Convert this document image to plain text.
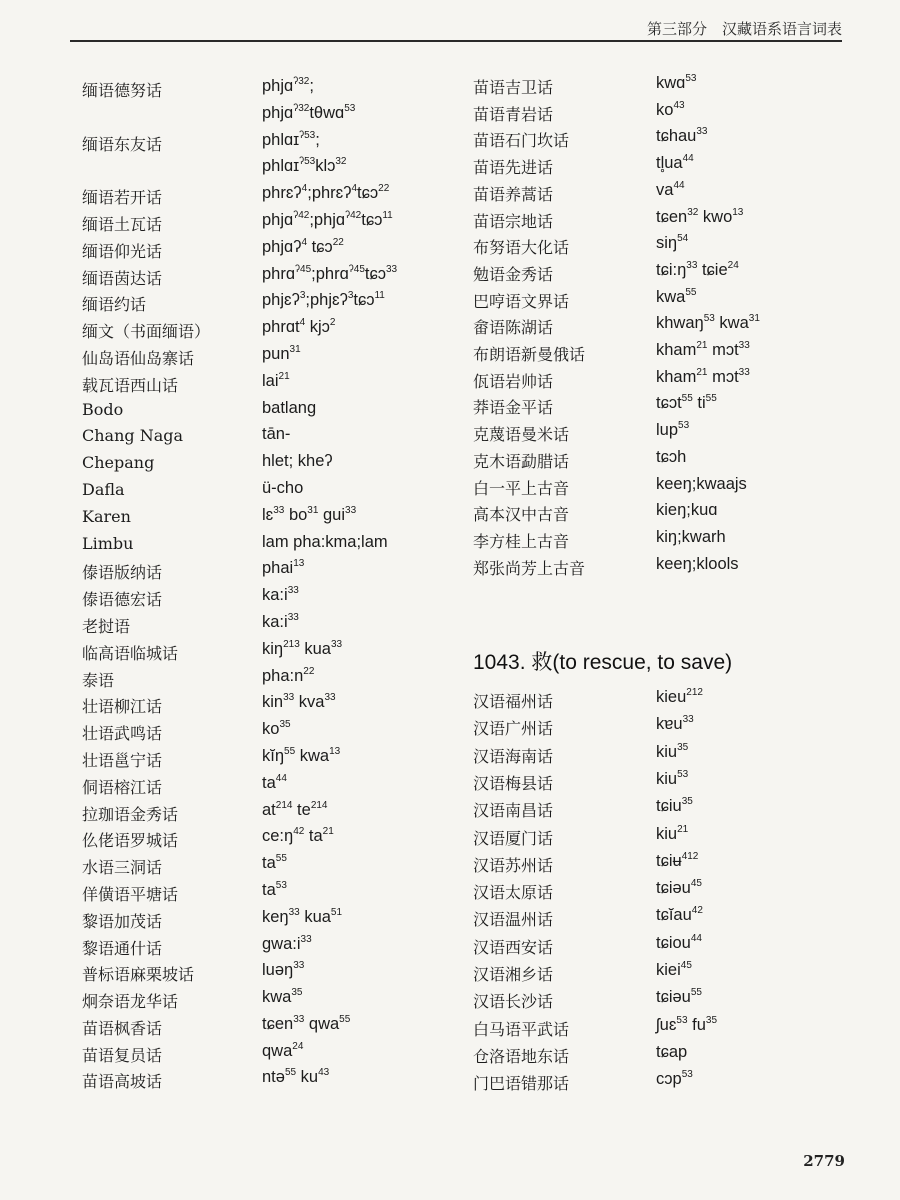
第三部分　汉藏语系语言词表
缅语德努话	phjɑ$^{ʔ32}$;
phjɑ$^{ʔ32}$tθwɑ$^{53}$
缅语东友话	phlɑɪ$^{ʔ53}$;
phlɑɪ$^{ʔ53}$klɔ$^{32}$
缅语若开话	phrɛʔ$^4$;phrɛʔ$^4$tɕɔ$^{22}$
缅语土瓦话	phjɑ$^{ʔ42}$;phjɑ$^{ʔ42}$tɕɔ$^{11}$
缅语仰光话	phjɑʔ$^4$ tɕɔ$^{22}$
缅语茵达话	phrɑ$^{ʔ45}$;phrɑ$^{ʔ45}$tɕɔ$^{33}$
缅语约话	phjɛʔ$^3$;phjɛʔ$^3$tɕɔ$^{11}$
缅文（书面缅语）	phrɑt$^4$ kjɔ$^2$
仙岛语仙岛寨话	pun$^{31}$
载瓦语西山话	lai$^{21}$
Bodo	batlang
Chang Naga	tān-
Chepang	hlet; kheʔ
Dafla	ü-cho
Karen	lɛ$^{33}$ $bo^{31}$ gui$^{33}$
Limbu	lam pha:kma;lam
傣语版纳话	phai$^{13}$
傣语德宏话	$ka:i^{33}$
老挝语	$ka:i^{33}$
临高语临城话	kiŋ$^{213}$ kua$^{33}$
泰语	$pha:n^{22}$
壮语柳江话	kin$^{33}$ kva$^{33}$
壮语武鸣话	$ko^{35}$
壮语邕宁话	kĭŋ$^{55}$ kwa$^{13}$
侗语榕江话	$ta^{44}$
拉珈语金秀话	$at^{214}$ $te^{214}$
仫佬语罗城话	$ce:ŋ^{42}$ $ta^{21}$
水语三洞话	$ta^{55}$
佯僙语平塘话	$ta^{53}$
黎语加茂话	keŋ$^{33}$ kua$^{51}$
黎语通什话	$gwa:i^{33}$
普标语麻栗坡话	luəŋ$^{33}$
炯奈语龙华话	kwa$^{35}$
苗语枫香话	tɕen$^{33}$ qwa$^{55}$
苗语复员话	qwa$^{24}$
苗语高坡话	ntə$^{55}$ $ku^{43}$
苗语吉卫话	kwɑ$^{53}$
苗语青岩话	$ko^{43}$
苗语石门坎话	tɕhau$^{33}$
苗语先进话	$tl̥ua^{44}$
苗语养蒿话	$va^{44}$
苗语宗地话	tɕen$^{32}$ kwo$^{13}$
布努语大化话	siŋ$^{54}$
勉语金秀话	$tɕi:ŋ^{33}$ tɕie$^{24}$
巴哼语文界话	kwa$^{55}$
畲语陈湖话	khwaŋ$^{53}$ kwa$^{31}$
布朗语新曼俄话	kham$^{21}$ mɔt$^{33}$
佤语岩帅话	kham$^{21}$ mɔt$^{33}$
莽语金平话	tɕɔt$^{55}$ $ti^{55}$
克蔑语曼米话	lup$^{53}$
克木语勐腊话	tɕɔh
白一平上古音	keeŋ;kwaajs
高本汉中古音	kieŋ;kuɑ
李方桂上古音	kiŋ;kwarh
郑张尚芳上古音	keeŋ;klools
汉语福州话	kieu$^{212}$
汉语广州话	kɐu$^{33}$
汉语海南话	kiu$^{35}$
汉语梅县话	kiu$^{53}$
汉语南昌话	tɕiu$^{35}$
汉语厦门话	kiu$^{21}$
汉语苏州话	tɕiʉ$^{412}$
汉语太原话	tɕiəu$^{45}$
汉语温州话	tɕĭau$^{42}$
汉语西安话	tɕiou$^{44}$
汉语湘乡话	kiei$^{45}$
汉语长沙话	tɕiəu$^{55}$
白马语平武话	ʃuɛ$^{53}$ $fu^{35}$
仓洛语地东话	tɕap
门巴语错那话	cɔp$^{53}$
1043. 救(to rescue, to save)
2779
